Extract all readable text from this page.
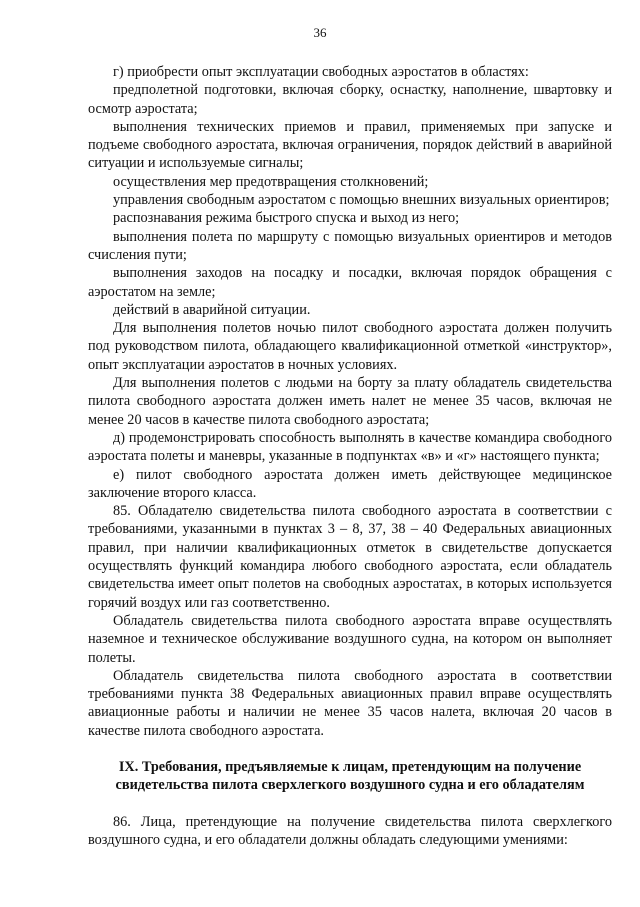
36

г) приобрести опыт эксплуатации свободных аэростатов в областях:

предполетной подготовки, включая сборку, оснастку, наполнение, швартовку и осмотр аэростата;

выполнения технических приемов и правил, применяемых при запуске и подъеме свободного аэростата, включая ограничения, порядок действий в аварийной ситуации и используемые сигналы;

осуществления мер предотвращения столкновений;

управления свободным аэростатом с помощью внешних визуальных ориентиров;

распознавания режима быстрого спуска и выход из него;

выполнения полета по маршруту с помощью визуальных ориентиров и методов счисления пути;

выполнения заходов на посадку и посадки, включая порядок обращения с аэростатом на земле;

действий в аварийной ситуации.

Для выполнения полетов ночью пилот свободного аэростата должен получить под руководством пилота, обладающего квалификационной отметкой «инструктор», опыт эксплуатации аэростатов в ночных условиях.

Для выполнения полетов с людьми на борту за плату обладатель свидетельства пилота свободного аэростата должен иметь налет не менее 35 часов, включая не менее 20 часов в качестве пилота свободного аэростата;

д) продемонстрировать способность выполнять в качестве командира свободного аэростата полеты и маневры, указанные в подпунктах «в» и «г» настоящего пункта;

е) пилот свободного аэростата должен иметь действующее медицинское заключение второго класса.

85. Обладателю свидетельства пилота свободного аэростата в соответствии с требованиями, указанными в пунктах 3 – 8, 37, 38 – 40 Федеральных авиационных правил, при наличии квалификационных отметок в свидетельстве допускается осуществлять функций командира любого свободного аэростата, если обладатель свидетельства имеет опыт полетов на свободных аэростатах, в которых используется горячий воздух или газ соответственно.

Обладатель свидетельства пилота свободного аэростата вправе осуществлять наземное и техническое обслуживание воздушного судна, на котором он выполняет полеты.

Обладатель свидетельства пилота свободного аэростата в соответствии требованиями пункта 38 Федеральных авиационных правил вправе осуществлять авиационные работы и наличии не менее 35 часов налета, включая 20 часов в качестве пилота свободного аэростата.

IX. Требования, предъявляемые к лицам, претендующим на получение свидетельства пилота сверхлегкого воздушного судна и его обладателям

86. Лица, претендующие на получение свидетельства пилота сверхлегкого воздушного судна, и его обладатели должны обладать следующими умениями:
